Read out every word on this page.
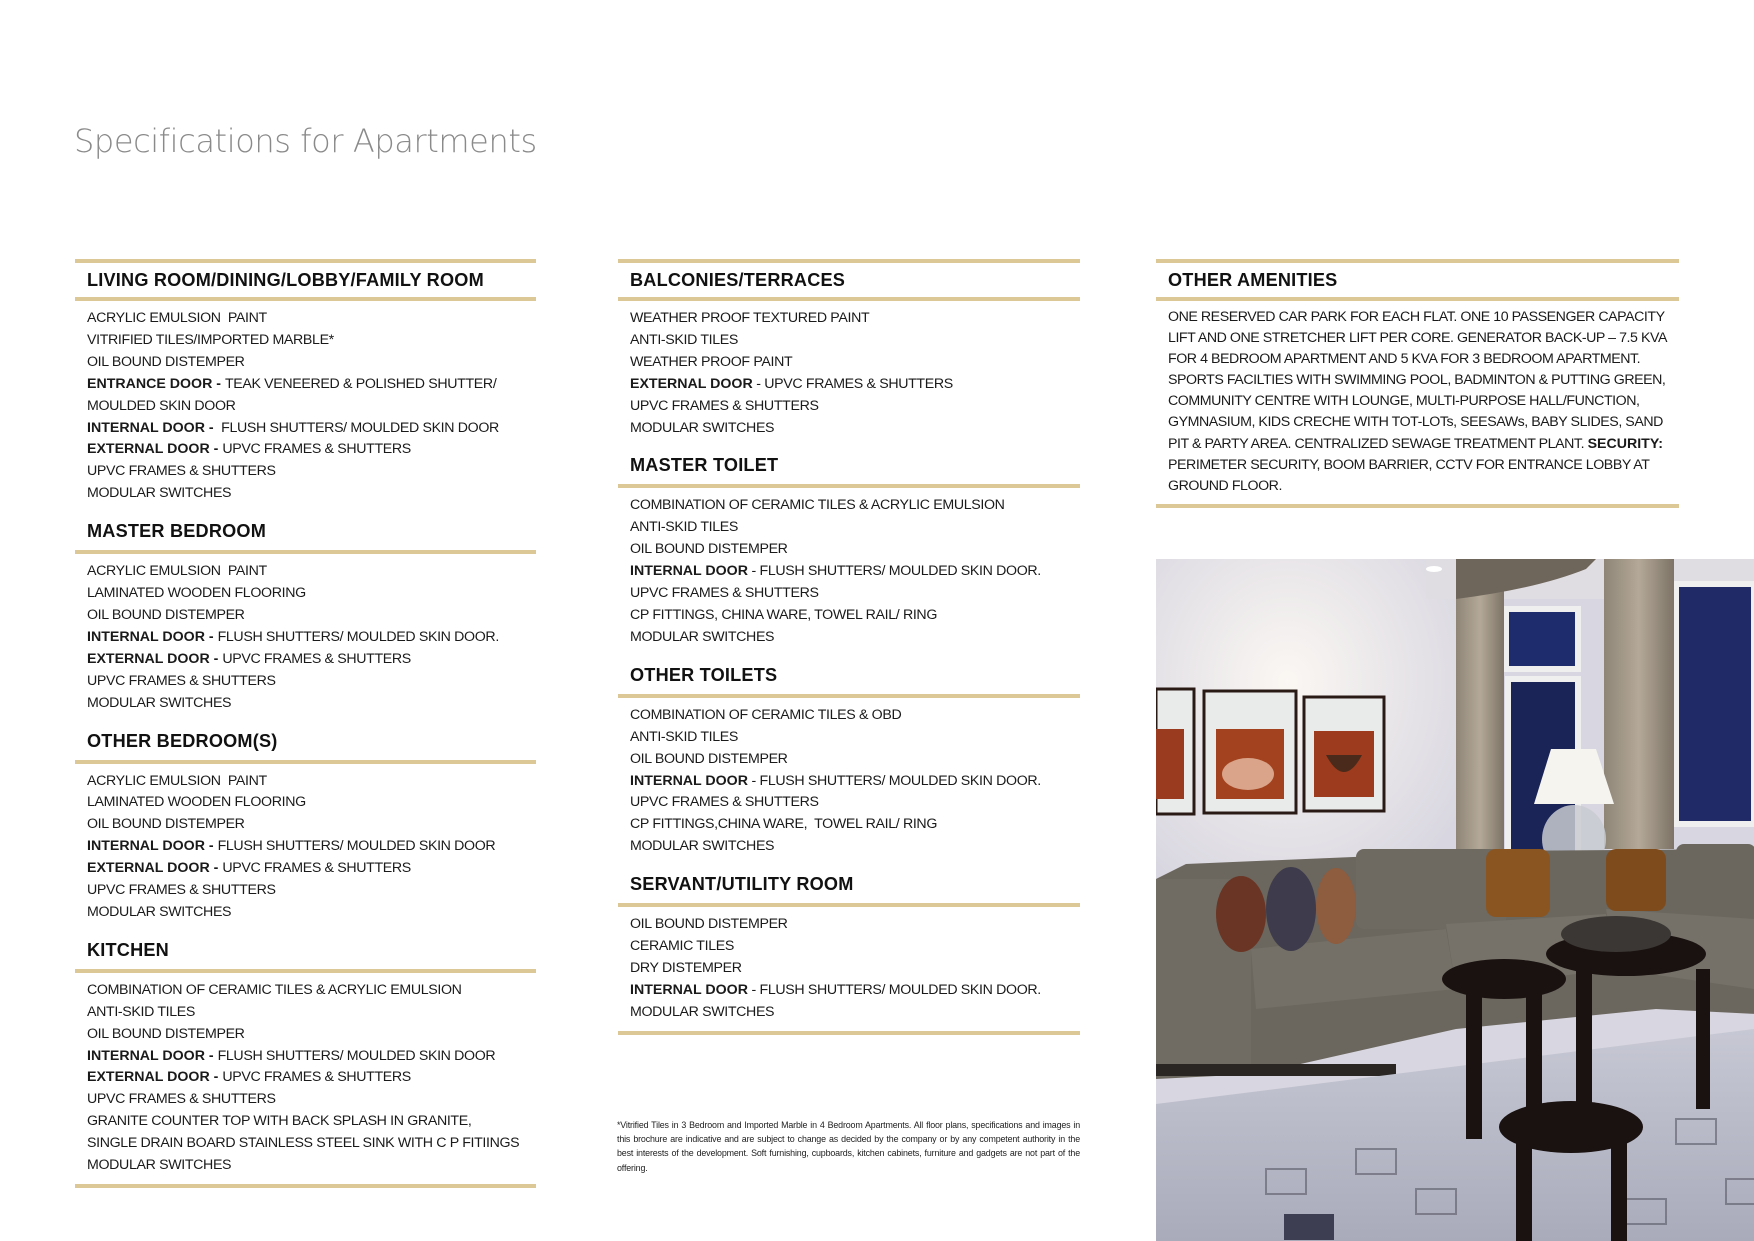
Specifications for Apartments
LIVING ROOM/DINING/LOBBY/FAMILY ROOM
ACRYLIC EMULSION  PAINT
VITRIFIED TILES/IMPORTED MARBLE*
OIL BOUND DISTEMPER
ENTRANCE DOOR - TEAK VENEERED & POLISHED SHUTTER/
MOULDED SKIN DOOR
INTERNAL DOOR -  FLUSH SHUTTERS/ MOULDED SKIN DOOR
EXTERNAL DOOR - UPVC FRAMES & SHUTTERS
UPVC FRAMES & SHUTTERS
MODULAR SWITCHES
MASTER BEDROOM
ACRYLIC EMULSION  PAINT
LAMINATED WOODEN FLOORING
OIL BOUND DISTEMPER
INTERNAL DOOR - FLUSH SHUTTERS/ MOULDED SKIN DOOR.
EXTERNAL DOOR - UPVC FRAMES & SHUTTERS
UPVC FRAMES & SHUTTERS
MODULAR SWITCHES
OTHER BEDROOM(S)
ACRYLIC EMULSION  PAINT
LAMINATED WOODEN FLOORING
OIL BOUND DISTEMPER
INTERNAL DOOR - FLUSH SHUTTERS/ MOULDED SKIN DOOR
EXTERNAL DOOR - UPVC FRAMES & SHUTTERS
UPVC FRAMES & SHUTTERS
MODULAR SWITCHES
KITCHEN
COMBINATION OF CERAMIC TILES & ACRYLIC EMULSION
ANTI-SKID TILES
OIL BOUND DISTEMPER
INTERNAL DOOR - FLUSH SHUTTERS/ MOULDED SKIN DOOR
EXTERNAL DOOR - UPVC FRAMES & SHUTTERS
UPVC FRAMES & SHUTTERS
GRANITE COUNTER TOP WITH BACK SPLASH IN GRANITE,
SINGLE DRAIN BOARD STAINLESS STEEL SINK WITH C P FITIINGS
MODULAR SWITCHES
BALCONIES/TERRACES
WEATHER PROOF TEXTURED PAINT
ANTI-SKID TILES
WEATHER PROOF PAINT
EXTERNAL DOOR - UPVC FRAMES & SHUTTERS
UPVC FRAMES & SHUTTERS
MODULAR SWITCHES
MASTER TOILET
COMBINATION OF CERAMIC TILES & ACRYLIC EMULSION
ANTI-SKID TILES
OIL BOUND DISTEMPER
INTERNAL DOOR - FLUSH SHUTTERS/ MOULDED SKIN DOOR.
UPVC FRAMES & SHUTTERS
CP FITTINGS, CHINA WARE, TOWEL RAIL/ RING
MODULAR SWITCHES
OTHER TOILETS
COMBINATION OF CERAMIC TILES & OBD
ANTI-SKID TILES
OIL BOUND DISTEMPER
INTERNAL DOOR - FLUSH SHUTTERS/ MOULDED SKIN DOOR.
UPVC FRAMES & SHUTTERS
CP FITTINGS,CHINA WARE,  TOWEL RAIL/ RING
MODULAR SWITCHES
SERVANT/UTILITY ROOM
OIL BOUND DISTEMPER
CERAMIC TILES
DRY DISTEMPER
INTERNAL DOOR - FLUSH SHUTTERS/ MOULDED SKIN DOOR.
MODULAR SWITCHES
OTHER AMENITIES
ONE RESERVED CAR PARK FOR EACH FLAT. ONE 10 PASSENGER CAPACITY LIFT AND ONE STRETCHER LIFT PER CORE. GENERATOR BACK-UP – 7.5 KVA FOR 4 BEDROOM APARTMENT AND 5 KVA FOR 3 BEDROOM APARTMENT. SPORTS FACILTIES WITH SWIMMING POOL, BADMINTON & PUTTING GREEN, COMMUNITY CENTRE WITH LOUNGE, MULTI-PURPOSE HALL/FUNCTION, GYMNASIUM, KIDS CRECHE WITH TOT-LOTs, SEESAWs, BABY SLIDES, SAND PIT & PARTY AREA. CENTRALIZED SEWAGE TREATMENT PLANT. SECURITY: PERIMETER SECURITY, BOOM BARRIER, CCTV FOR ENTRANCE LOBBY AT GROUND FLOOR.
*Vitrified Tiles in 3 Bedroom and Imported Marble in 4 Bedroom Apartments. All floor plans, specifications and images in this brochure are indicative and are subject to change as decided by the company or by any competent authority in the best interests of the development. Soft furnishing, cupboards, kitchen cabinets, furniture and gadgets are not part of the offering.
